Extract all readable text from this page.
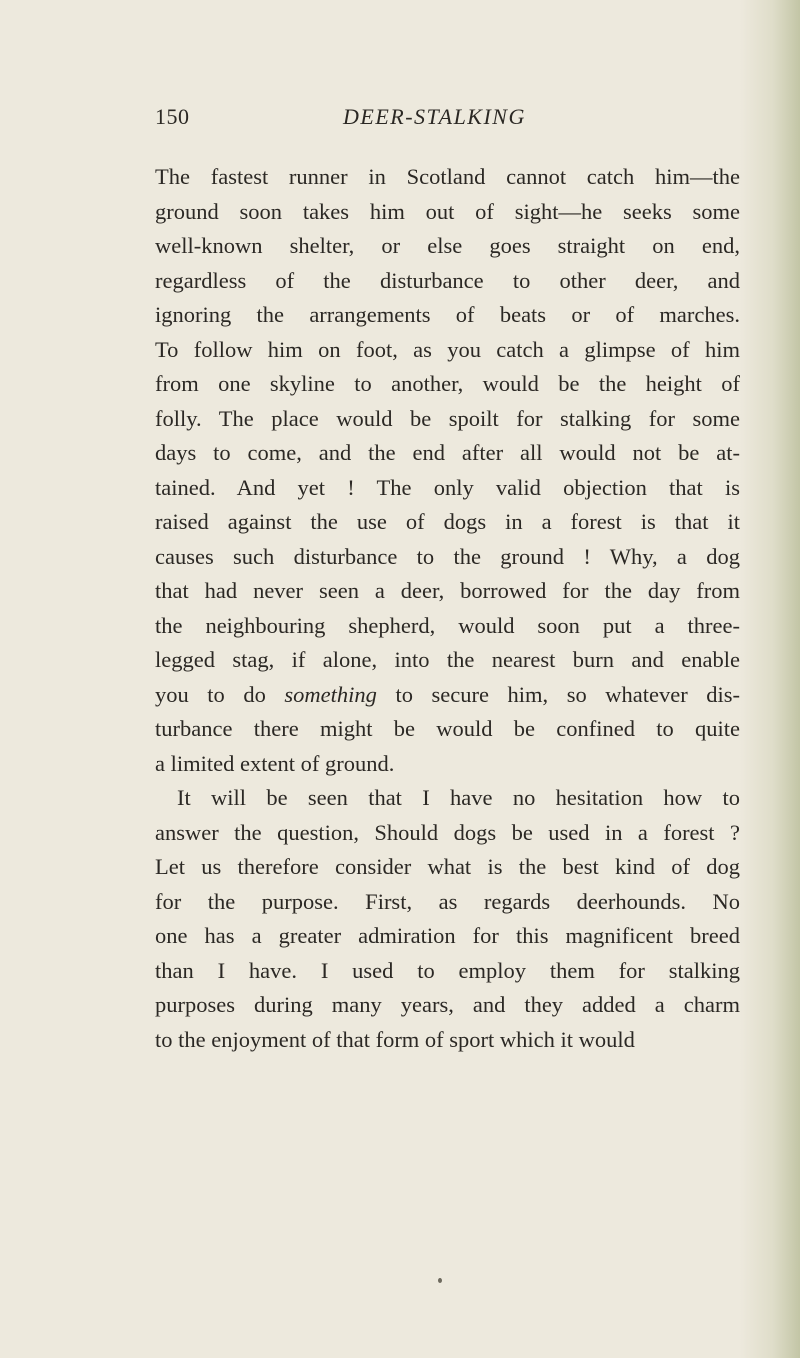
150	DEER-STALKING
The fastest runner in Scotland cannot catch him—the
ground soon takes him out of sight—he seeks some
well-known shelter, or else goes straight on end,
regardless of the disturbance to other deer, and
ignoring the arrangements of beats or of marches.
To follow him on foot, as you catch a glimpse of him
from one skyline to another, would be the height of
folly. The place would be spoilt for stalking for some
days to come, and the end after all would not be at-
tained. And yet ! The only valid objection that is
raised against the use of dogs in a forest is that it
causes such disturbance to the ground ! Why, a dog
that had never seen a deer, borrowed for the day from
the neighbouring shepherd, would soon put a three-
legged stag, if alone, into the nearest burn and enable
you to do something to secure him, so whatever dis-
turbance there might be would be confined to quite
a limited extent of ground.
It will be seen that I have no hesitation how to
answer the question, Should dogs be used in a forest ?
Let us therefore consider what is the best kind of dog
for the purpose. First, as regards deerhounds. No
one has a greater admiration for this magnificent breed
than I have. I used to employ them for stalking
purposes during many years, and they added a charm
to the enjoyment of that form of sport which it would
